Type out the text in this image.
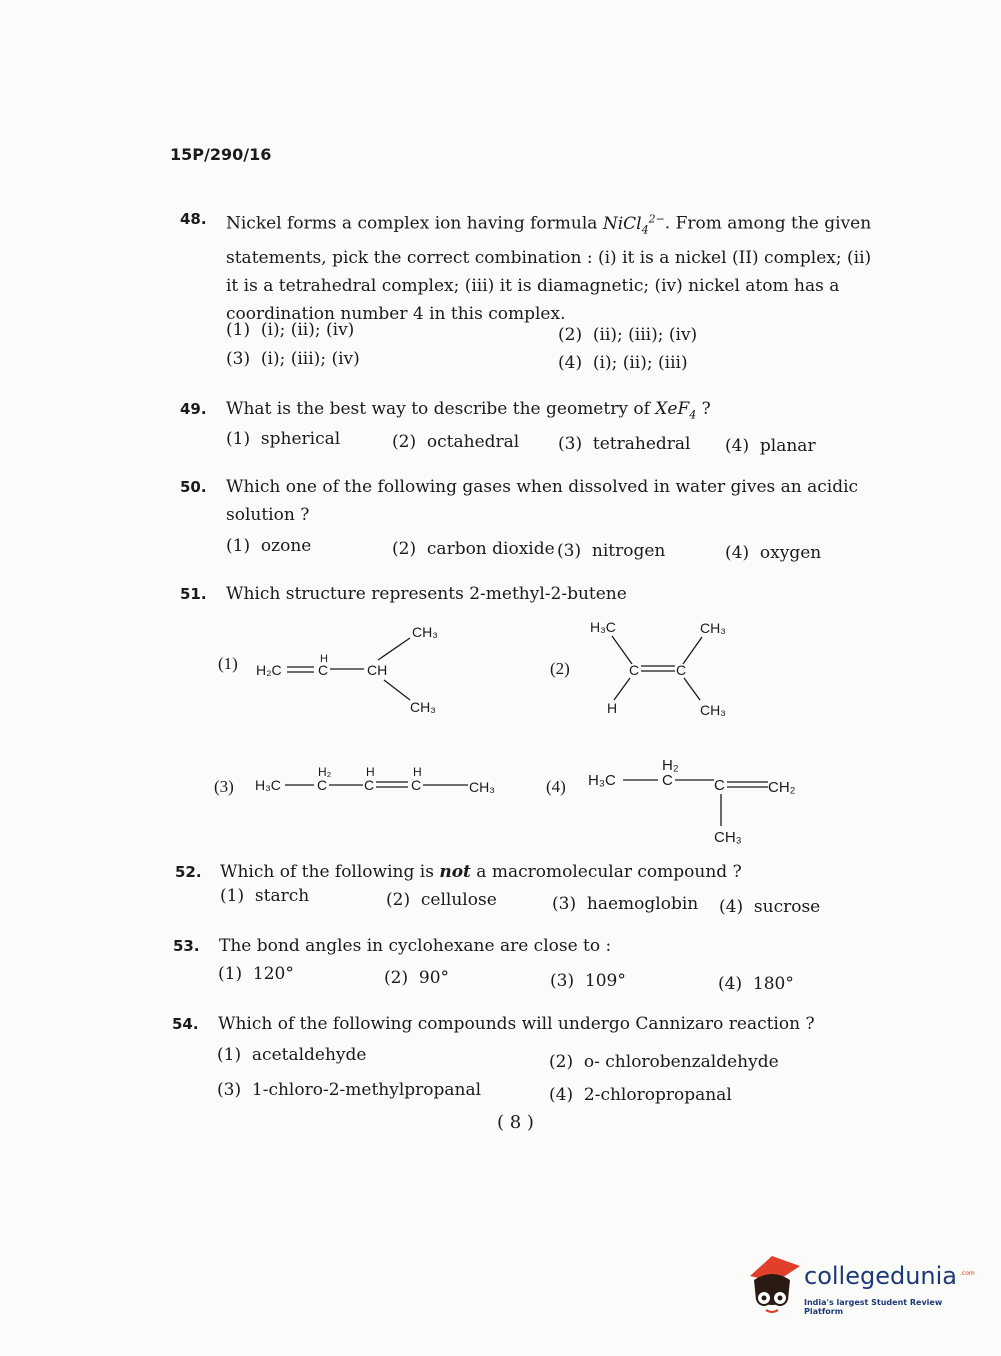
15P/290/16
48. Nickel forms a complex ion having formula NiCl$_4^{2-}$. From among the given statements, pick the correct combination : (i) it is a nickel (II) complex; (ii) it is a tetrahedral complex; (iii) it is diamagnetic; (iv) nickel atom has a coordination number 4 in this complex.
(1) (i); (ii); (iv)	(2) (ii); (iii); (iv)
(3) (i); (iii); (iv)	(4) (i); (ii); (iii)
49. What is the best way to describe the geometry of XeF$_4$ ?
(1) spherical	(2) octahedral (3) tetrahedral (4) planar
50. Which one of the following gases when dissolved in water gives an acidic solution ?
(1) ozone	(2) carbon dioxide (3) nitrogen	(4) oxygen
51. Which structure represents 2-methyl-2-butene
(1)	(2)
(3)	(4)
H₂C
H
C	CH
CH₃
CH₃
H₃C	CH₃
C	C
H	CH₃
H₃C
H₂
C
H
C
H
C	CH₃	H₃C
H₂
C	C	CH₂
CH₃
52. Which of the following is not a macromolecular compound ?
(1) starch	(2) cellulose	(3) haemoglobin (4) sucrose
53. The bond angles in cyclohexane are close to :
(1) 120°	(2) 90°	(3) 109°	(4) 180°
54. Which of the following compounds will undergo Cannizaro reaction ?
(1) acetaldehyde	(2) o- chlorobenzaldehyde
(3) 1-chloro-2-methylpropanal	(4) 2-chloropropanal
( 8 )
collegedunia .com
India's largest Student Review Platform
